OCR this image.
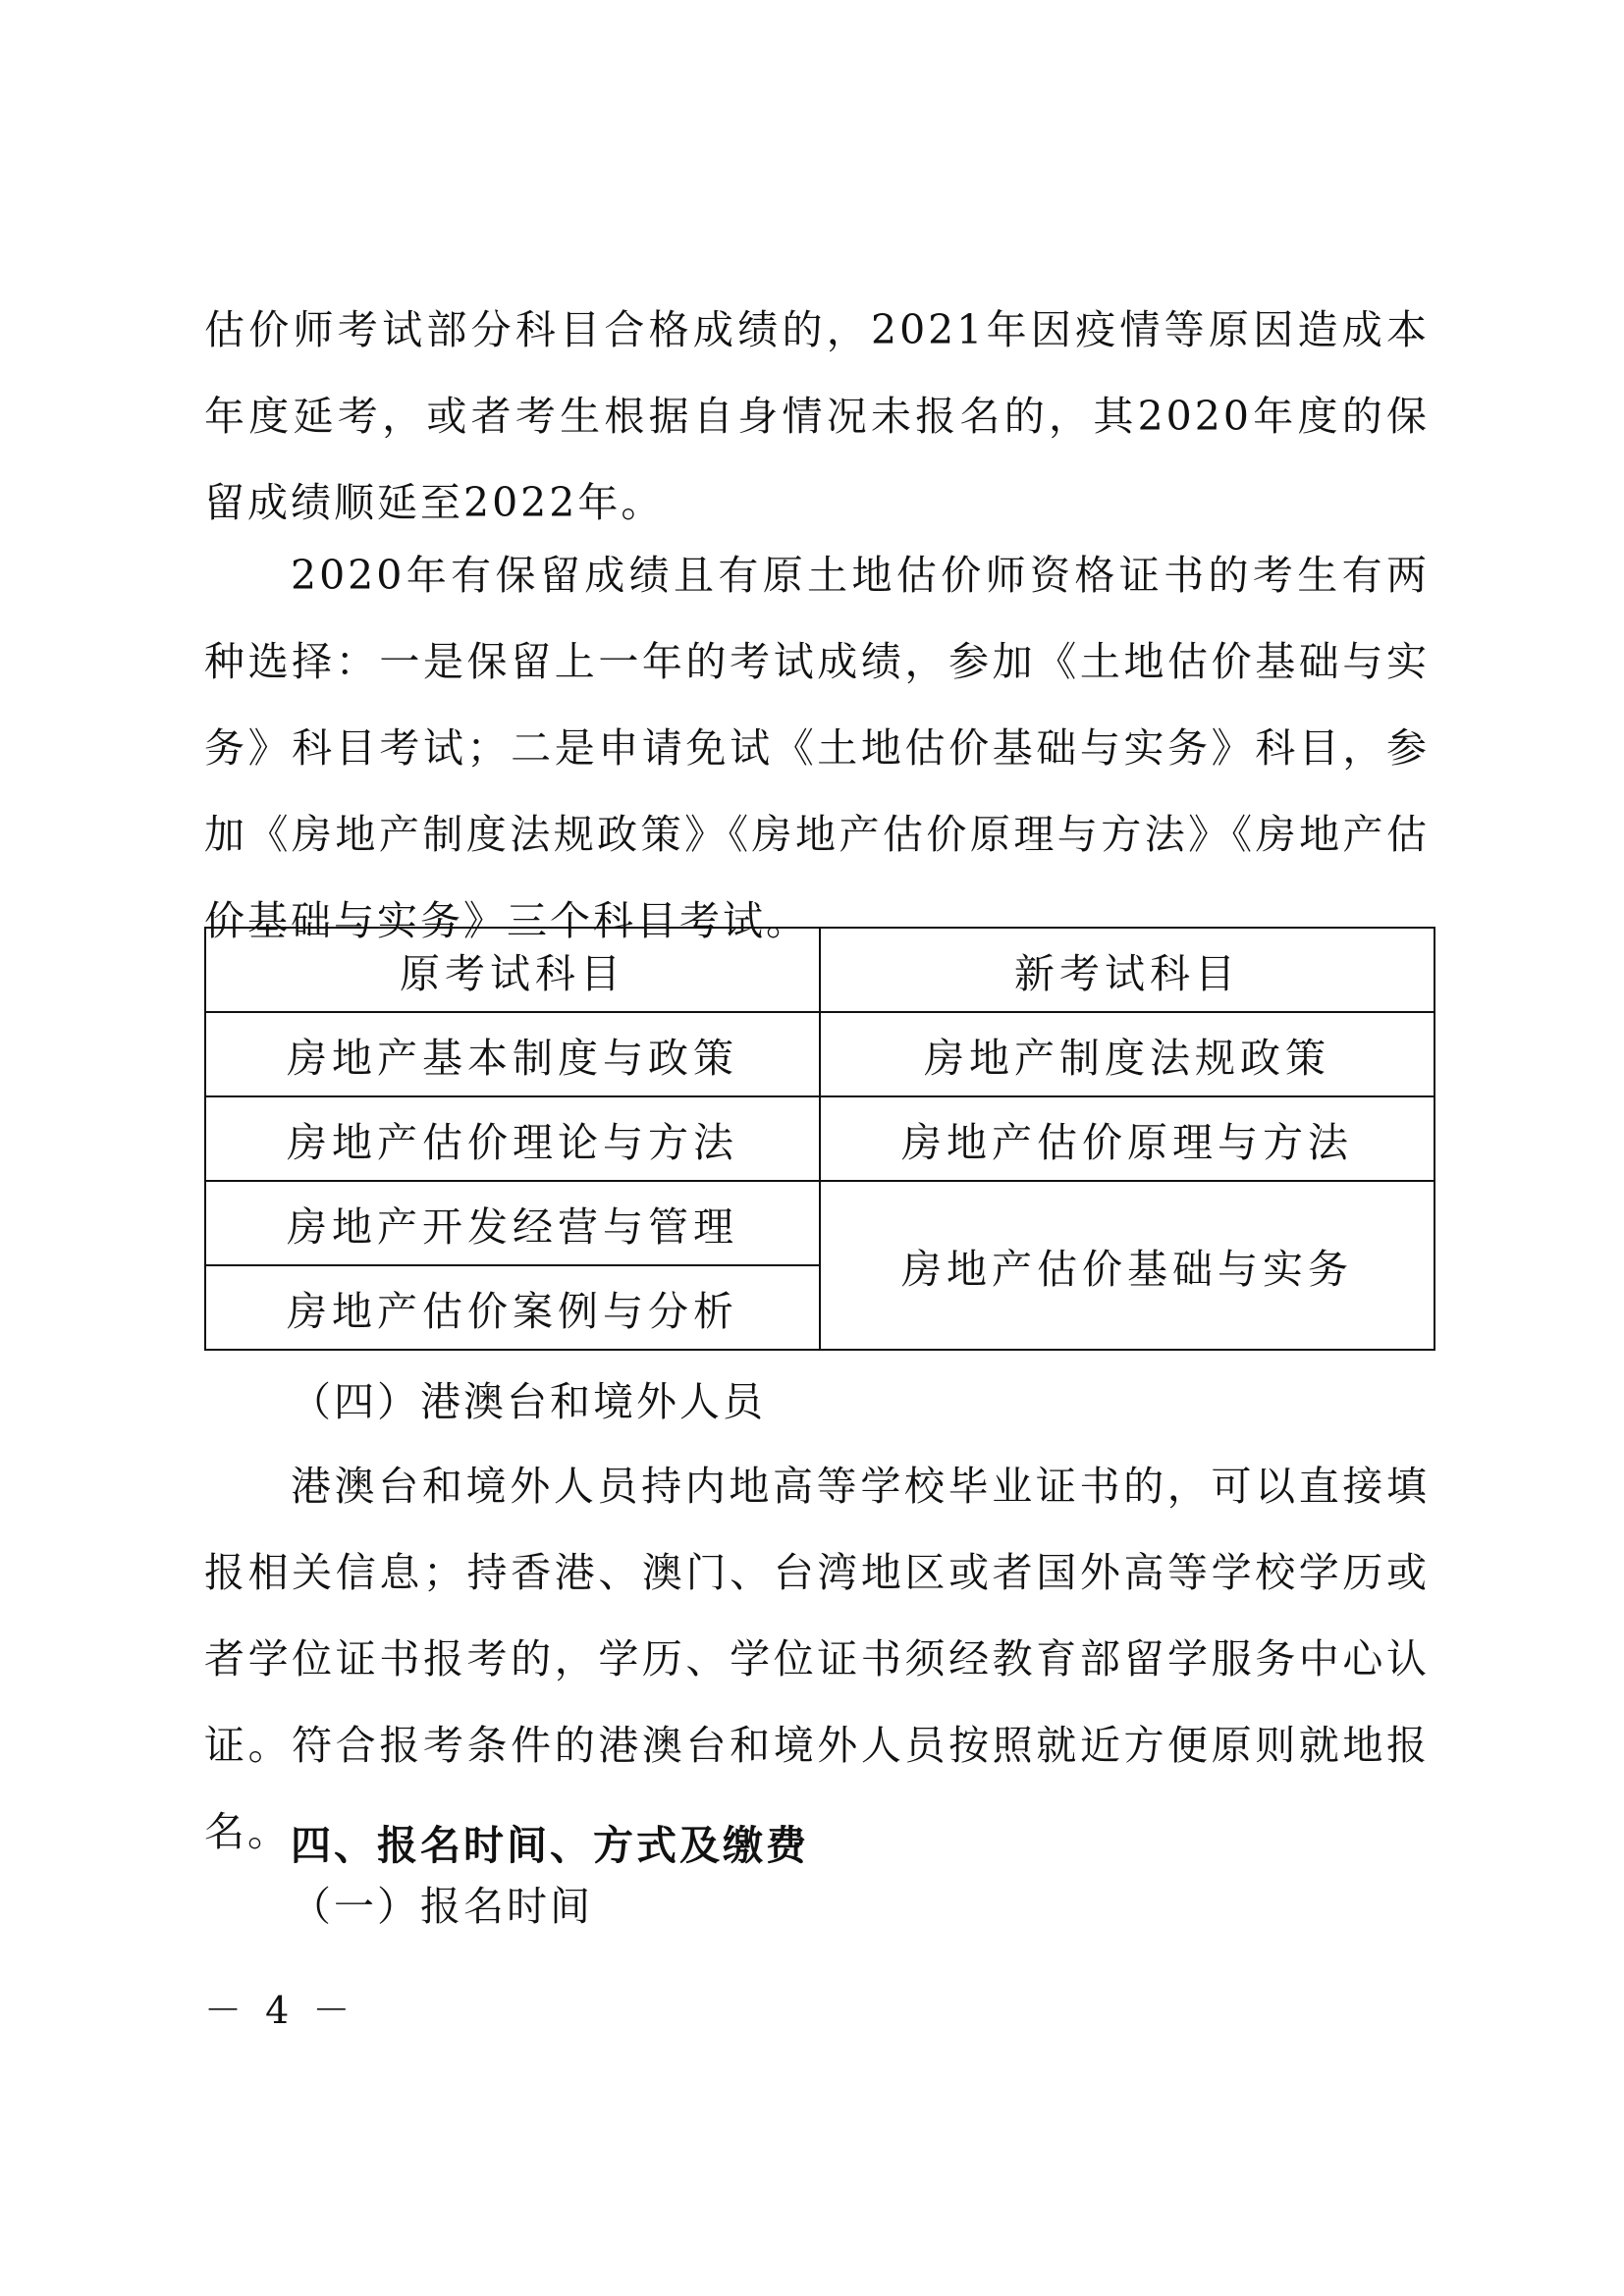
估价师考试部分科目合格成绩的，2021年因疫情等原因造成本年度延考，或者考生根据自身情况未报名的，其2020年度的保留成绩顺延至2022年。

2020年有保留成绩且有原土地估价师资格证书的考生有两种选择：一是保留上一年的考试成绩，参加《土地估价基础与实务》科目考试；二是申请免试《土地估价基础与实务》科目，参加《房地产制度法规政策》《房地产估价原理与方法》《房地产估价基础与实务》三个科目考试。

原考试科目	新考试科目
房地产基本制度与政策	房地产制度法规政策
房地产估价理论与方法	房地产估价原理与方法
房地产开发经营与管理	房地产估价基础与实务
房地产估价案例与分析	

（四）港澳台和境外人员

港澳台和境外人员持内地高等学校毕业证书的，可以直接填报相关信息；持香港、澳门、台湾地区或者国外高等学校学历或者学位证书报考的，学历、学位证书须经教育部留学服务中心认证。符合报考条件的港澳台和境外人员按照就近方便原则就地报名。 四、报名时间、方式及缴费

（一）报名时间

－ 4 －
